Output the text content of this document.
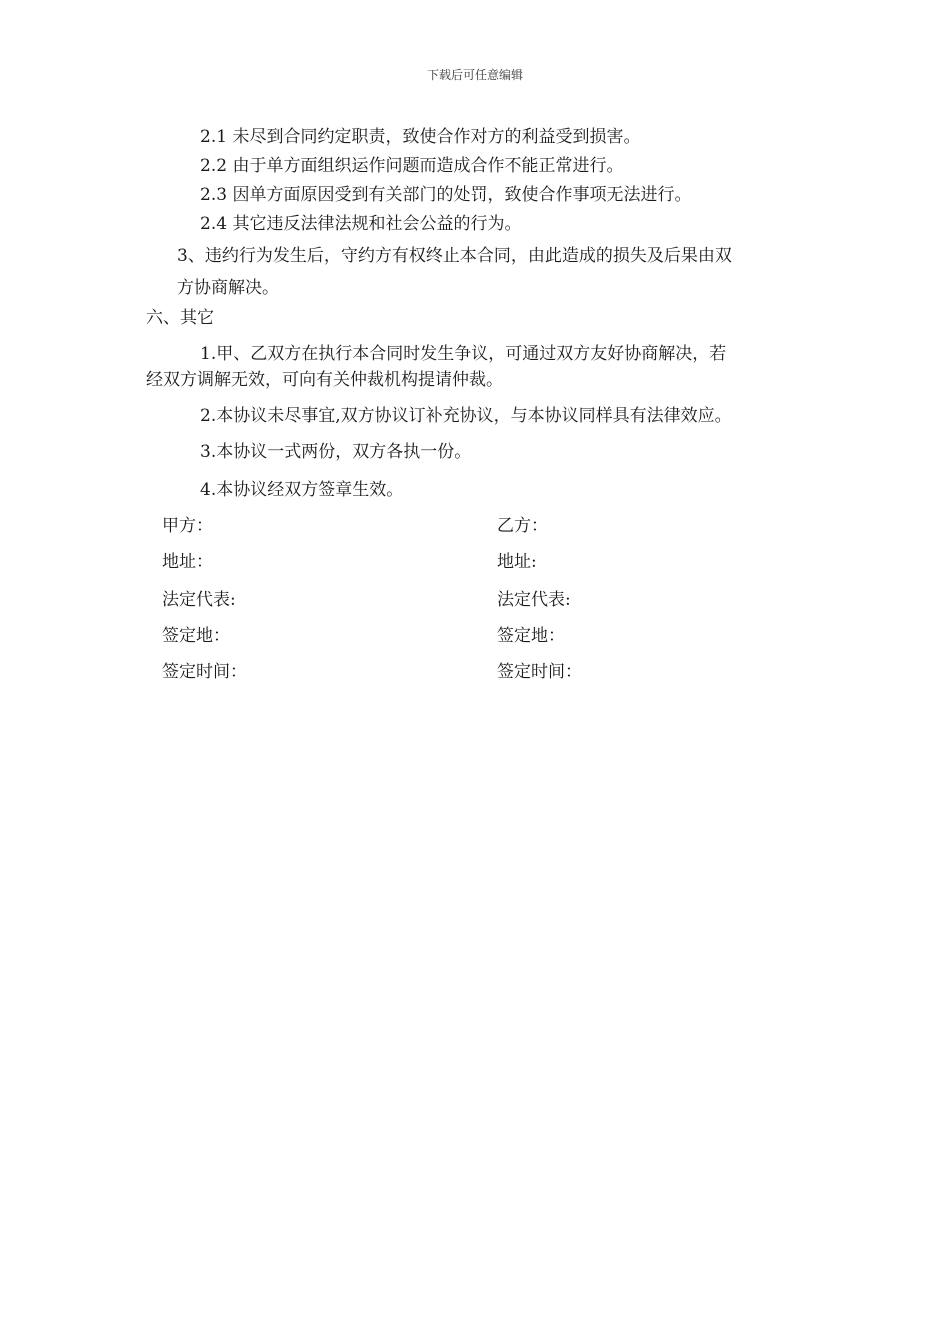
下载后可任意编辑
2.1 未尽到合同约定职责，致使合作对方的利益受到损害。
2.2 由于单方面组织运作问题而造成合作不能正常进行。
2.3 因单方面原因受到有关部门的处罚，致使合作事项无法进行。
2.4 其它违反法律法规和社会公益的行为。
3、违约行为发生后，守约方有权终止本合同，由此造成的损失及后果由双
方协商解决。
六、其它
1.甲、乙双方在执行本合同时发生争议，可通过双方友好协商解决，若
经双方调解无效，可向有关仲裁机构提请仲裁。
2.本协议未尽事宜,双方协议订补充协议，与本协议同样具有法律效应。
3.本协议一式两份，双方各执一份。
4.本协议经双方签章生效。
甲方：
地址：
法定代表:
签定地：
签定时间：
乙方：
地址:
法定代表:
签定地：
签定时间：
